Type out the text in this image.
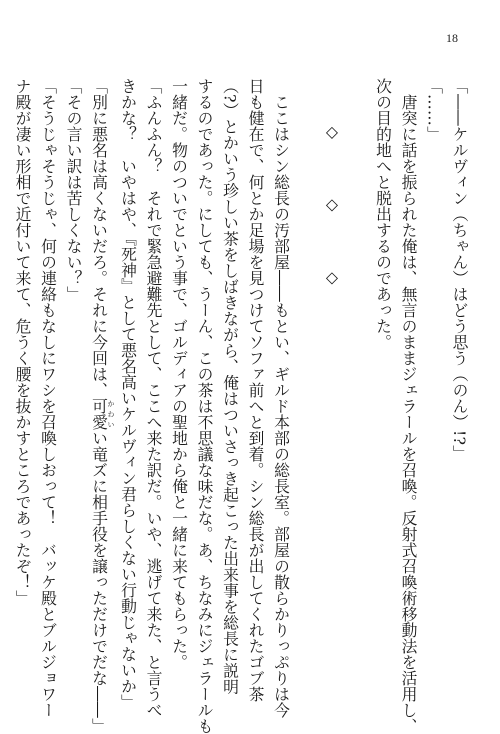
18
「――ケルヴィン（ちゃん）はどう思う（のん）!?」
「……」
唐突に話を振られた俺は、無言のままジェラールを召喚。反射式召喚術移動法を活用し、
次の目的地へと脱出するのであった。
◇　◇　◇
ここはシン総長の汚部屋――もとい、ギルド本部の総長室。部屋の散らかりっぷりは今
日も健在で、何とか足場を見つけてソファ前へと到着。シン総長が出してくれたゴブ茶
（?）とかいう珍しい茶をしばきながら、俺はついさっき起こった出来事を総長に説明
するのであった。にしても、うーん、この茶は不思議な味だな。あ、ちなみにジェラールも
一緒だ。物のついでという事で、ゴルディアの聖地から俺と一緒に来てもらった。
「ふんふん？　それで緊急避難先として、ここへ来た訳だ。いや、逃げて来た、と言うべ
きかな？　いやはや、『死神』として悪名高いケルヴィン君らしくない行動じゃないか」
「別に悪名は高くないだろ。それに今回は、可愛かわいい竜ズに相手役を譲っただけでだな――」
「その言い訳は苦しくない？」
「そうじゃそうじゃ、何の連絡もなしにワシを召喚しおって！　バッケ殿とブルジョワー
ナ殿が凄い形相で近付いて来て、危うく腰を抜かすところであったぞ！」
